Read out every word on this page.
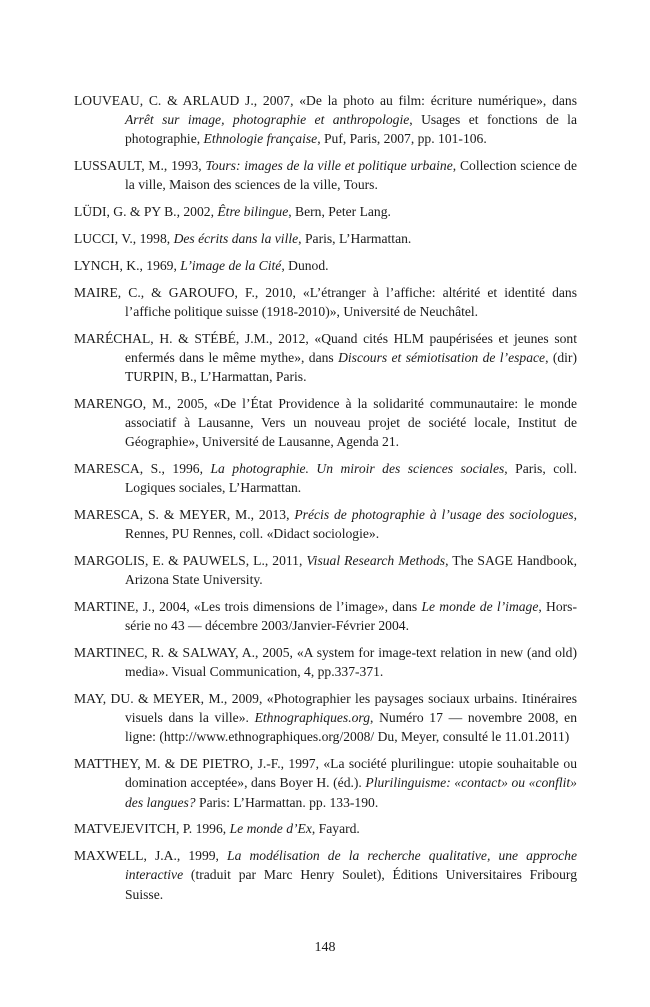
LOUVEAU, C. & ARLAUD J., 2007, «De la photo au film: écriture numérique», dans Arrêt sur image, photographie et anthropologie, Usages et fonctions de la photographie, Ethnologie française, Puf, Paris, 2007, pp. 101-106.

LUSSAULT, M., 1993, Tours: images de la ville et politique urbaine, Collection science de la ville, Maison des sciences de la ville, Tours.

LÜDI, G. & PY B., 2002, Être bilingue, Bern, Peter Lang.

LUCCI, V., 1998, Des écrits dans la ville, Paris, L’Harmattan.

LYNCH, K., 1969, L’image de la Cité, Dunod.

MAIRE, C., & GAROUFO, F., 2010, «L’étranger à l’affiche: altérité et identité dans l’affiche politique suisse (1918-2010)», Université de Neuchâtel.

MARÉCHAL, H. & STÉBÉ, J.M., 2012, «Quand cités HLM paupérisées et jeunes sont enfermés dans le même mythe», dans Discours et sémiotisation de l’espace, (dir) TURPIN, B., L’Harmattan, Paris.

MARENGO, M., 2005, «De l’État Providence à la solidarité communautaire: le monde associatif à Lausanne, Vers un nouveau projet de société locale, Institut de Géographie», Université de Lausanne, Agenda 21.

MARESCA, S., 1996, La photographie. Un miroir des sciences sociales, Paris, coll. Logiques sociales, L’Harmattan.

MARESCA, S. & MEYER, M., 2013, Précis de photographie à l’usage des sociologues, Rennes, PU Rennes, coll. «Didact sociologie».

MARGOLIS, E. & PAUWELS, L., 2011, Visual Research Methods, The SAGE Handbook, Arizona State University.

MARTINE, J., 2004, «Les trois dimensions de l’image», dans Le monde de l’image, Hors-série no 43 — décembre 2003/Janvier-Février 2004.

MARTINEC, R. & SALWAY, A., 2005, «A system for image-text relation in new (and old) media». Visual Communication, 4, pp.337-371.

MAY, DU. & MEYER, M., 2009, «Photographier les paysages sociaux urbains. Itinéraires visuels dans la ville». Ethnographiques.org, Numéro 17 — novembre 2008, en ligne: (http://www.ethnographiques.org/2008/ Du, Meyer, consulté le 11.01.2011)

MATTHEY, M. & DE PIETRO, J.-F., 1997, «La société plurilingue: utopie souhaitable ou domination acceptée», dans Boyer H. (éd.). Plurilinguisme: «contact» ou «conflit» des langues? Paris: L’Harmattan. pp. 133-190.

MATVEJEVITCH, P. 1996, Le monde d’Ex, Fayard.

MAXWELL, J.A., 1999, La modélisation de la recherche qualitative, une approche interactive (traduit par Marc Henry Soulet), Éditions Universitaires Fribourg Suisse.

148
